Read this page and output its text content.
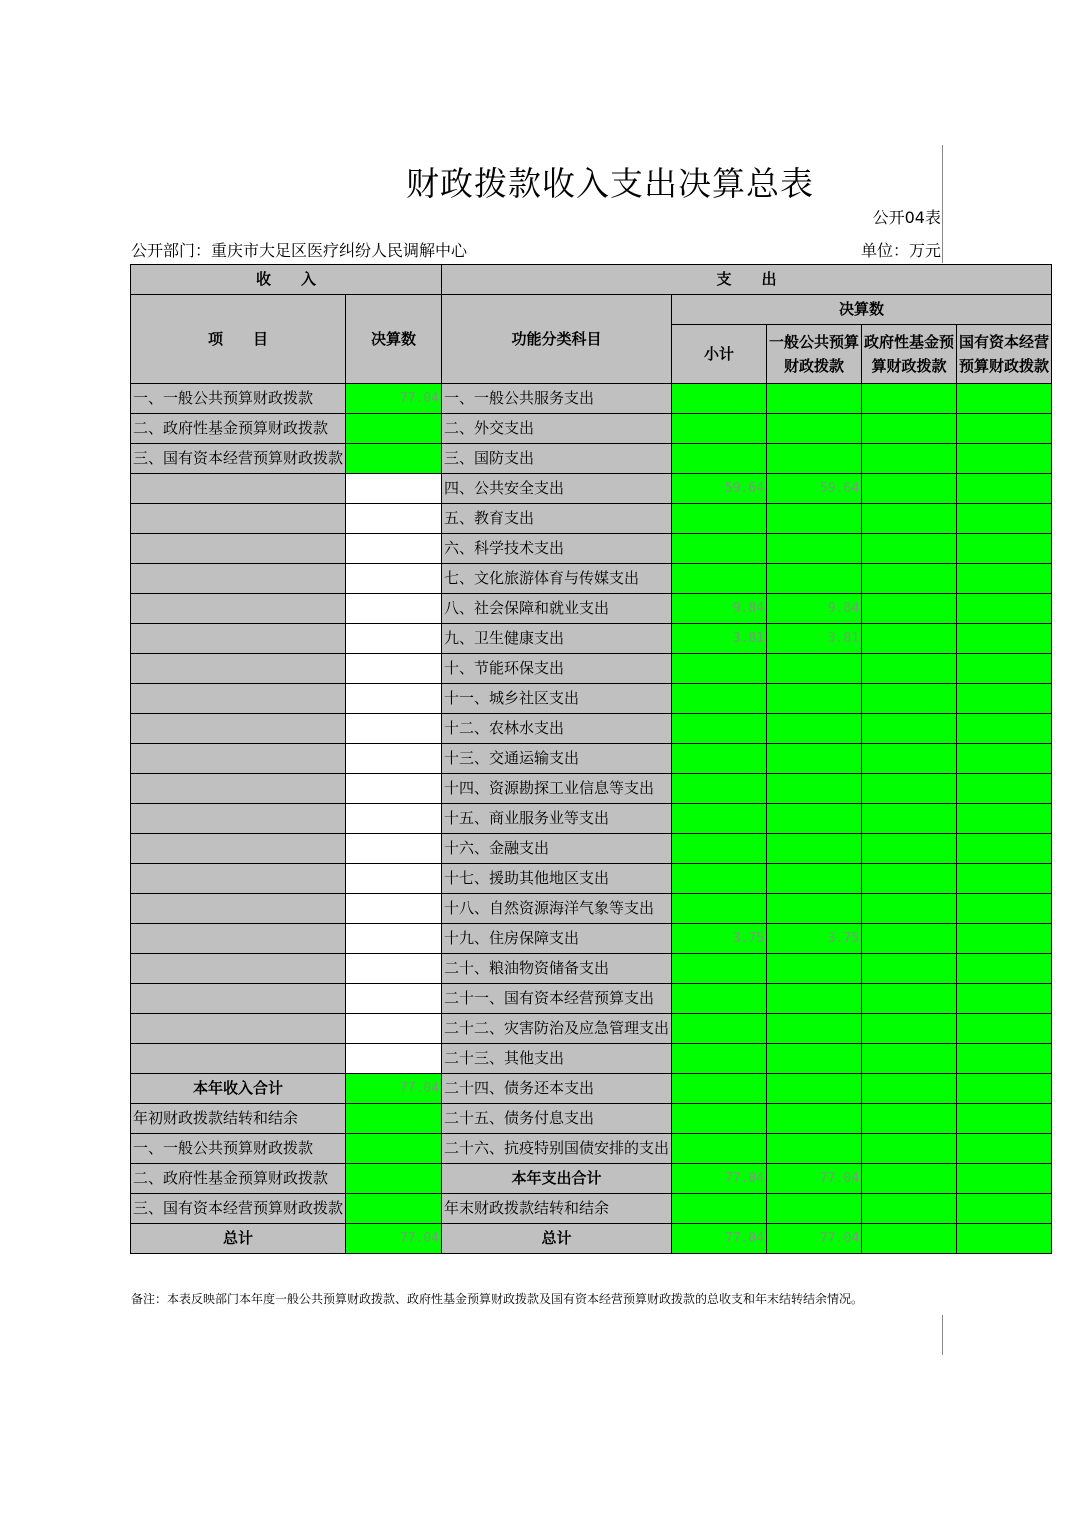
财政拨款收入支出决算总表
公开04表
公开部门：重庆市大足区医疗纠纷人民调解中心	单位：万元
收　　入		支　　出				
项　　目	决算数	功能分类科目	决算数			
			小计	一般公共预算财政拨款	政府性基金预算财政拨款	国有资本经营预算财政拨款

一、一般公共预算财政拨款	77.04	一、一般公共服务支出				
二、政府性基金预算财政拨款		二、外交支出				
三、国有资本经营预算财政拨款		三、国防支出				
		四、公共安全支出	59.64	59.64		
		五、教育支出				
		六、科学技术支出				
		七、文化旅游体育与传媒支出				
		八、社会保障和就业支出	9.84	9.84		
		九、卫生健康支出	3.81	3.81		
		十、节能环保支出				
		十一、城乡社区支出				
		十二、农林水支出				
		十三、交通运输支出				
		十四、资源勘探工业信息等支出				
		十五、商业服务业等支出				
		十六、金融支出				
		十七、援助其他地区支出				
		十八、自然资源海洋气象等支出				
		十九、住房保障支出	3.75	3.75		
		二十、粮油物资储备支出				
		二十一、国有资本经营预算支出				
		二十二、灾害防治及应急管理支出				
		二十三、其他支出				
本年收入合计	77.04	二十四、债务还本支出				
年初财政拨款结转和结余		二十五、债务付息支出				
一、一般公共预算财政拨款		二十六、抗疫特别国债安排的支出				
二、政府性基金预算财政拨款		本年支出合计	77.04	77.04		
三、国有资本经营预算财政拨款		年末财政拨款结转和结余				
总计	77.04	总计	77.04	77.04		
备注：本表反映部门本年度一般公共预算财政拨款、政府性基金预算财政拨款及国有资本经营预算财政拨款的总收支和年末结转结余情况。
